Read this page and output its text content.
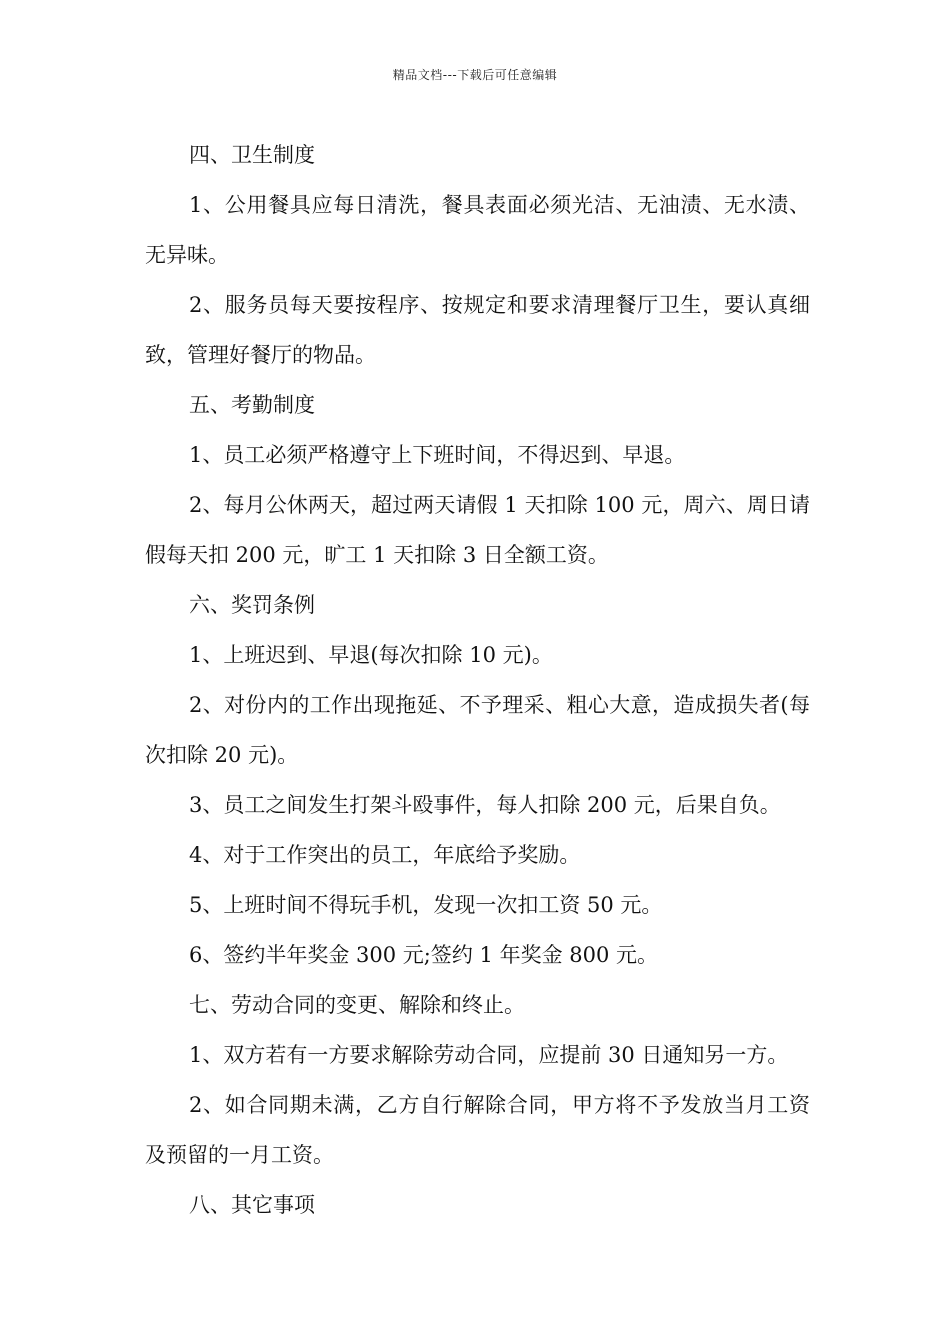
精品文档---下载后可任意编辑

四、卫生制度

1、公用餐具应每日清洗，餐具表面必须光洁、无油渍、无水渍、无异味。

2、服务员每天要按程序、按规定和要求清理餐厅卫生，要认真细致，管理好餐厅的物品。

五、考勤制度

1、员工必须严格遵守上下班时间，不得迟到、早退。

2、每月公休两天，超过两天请假 1 天扣除 100 元，周六、周日请假每天扣 200 元，旷工 1 天扣除 3 日全额工资。

六、奖罚条例

1、上班迟到、早退(每次扣除 10 元)。

2、对份内的工作出现拖延、不予理采、粗心大意，造成损失者(每次扣除 20 元)。

3、员工之间发生打架斗殴事件，每人扣除 200 元，后果自负。

4、对于工作突出的员工，年底给予奖励。

5、上班时间不得玩手机，发现一次扣工资 50 元。

6、签约半年奖金 300 元;签约 1 年奖金 800 元。

七、劳动合同的变更、解除和终止。

1、双方若有一方要求解除劳动合同，应提前 30 日通知另一方。

2、如合同期未满，乙方自行解除合同，甲方将不予发放当月工资及预留的一月工资。

八、其它事项
